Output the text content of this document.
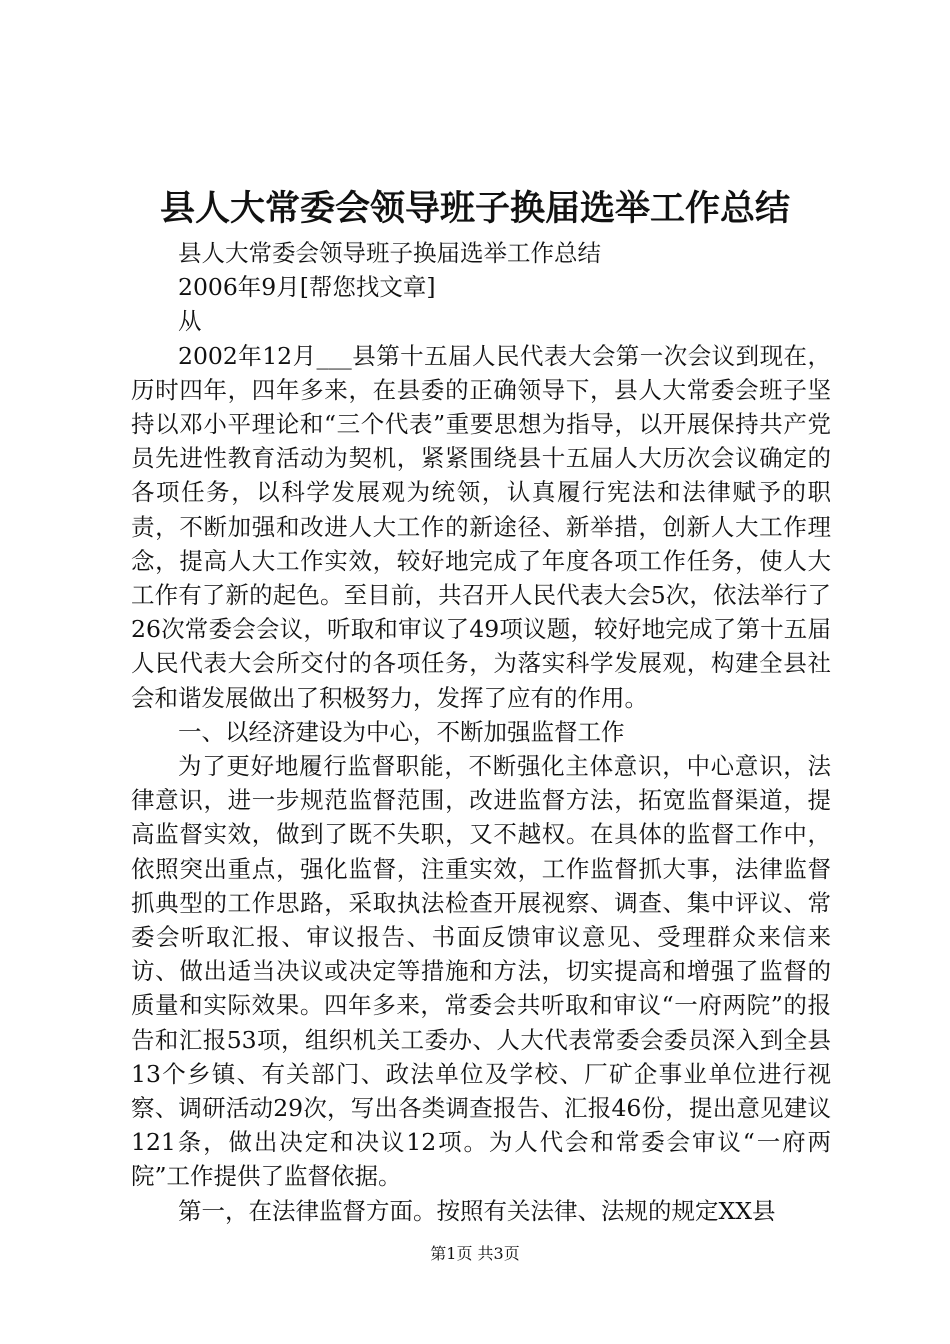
县人大常委会领导班子换届选举工作总结

县人大常委会领导班子换届选举工作总结

2006年9月[帮您找文章]

从

2002年12月___县第十五届人民代表大会第一次会议到现在，历时四年，四年多来，在县委的正确领导下，县人大常委会班子坚持以邓小平理论和“三个代表”重要思想为指导，以开展保持共产党员先进性教育活动为契机，紧紧围绕县十五届人大历次会议确定的各项任务，以科学发展观为统领，认真履行宪法和法律赋予的职责，不断加强和改进人大工作的新途径、新举措，创新人大工作理念，提高人大工作实效，较好地完成了年度各项工作任务，使人大工作有了新的起色。至目前，共召开人民代表大会5次，依法举行了26次常委会会议，听取和审议了49项议题，较好地完成了第十五届人民代表大会所交付的各项任务，为落实科学发展观，构建全县社会和谐发展做出了积极努力，发挥了应有的作用。

一、以经济建设为中心，不断加强监督工作

为了更好地履行监督职能，不断强化主体意识，中心意识，法律意识，进一步规范监督范围，改进监督方法，拓宽监督渠道，提高监督实效，做到了既不失职，又不越权。在具体的监督工作中，依照突出重点，强化监督，注重实效，工作监督抓大事，法律监督抓典型的工作思路，采取执法检查开展视察、调查、集中评议、常委会听取汇报、审议报告、书面反馈审议意见、受理群众来信来访、做出适当决议或决定等措施和方法，切实提高和增强了监督的质量和实际效果。四年多来，常委会共听取和审议“一府两院”的报告和汇报53项，组织机关工委办、人大代表常委会委员深入到全县13个乡镇、有关部门、政法单位及学校、厂矿企事业单位进行视察、调研活动29次，写出各类调查报告、汇报46份，提出意见建议121条，做出决定和决议12项。为人代会和常委会审议“一府两院”工作提供了监督依据。

第一，在法律监督方面。按照有关法律、法规的规定XX县

第1页 共3页
